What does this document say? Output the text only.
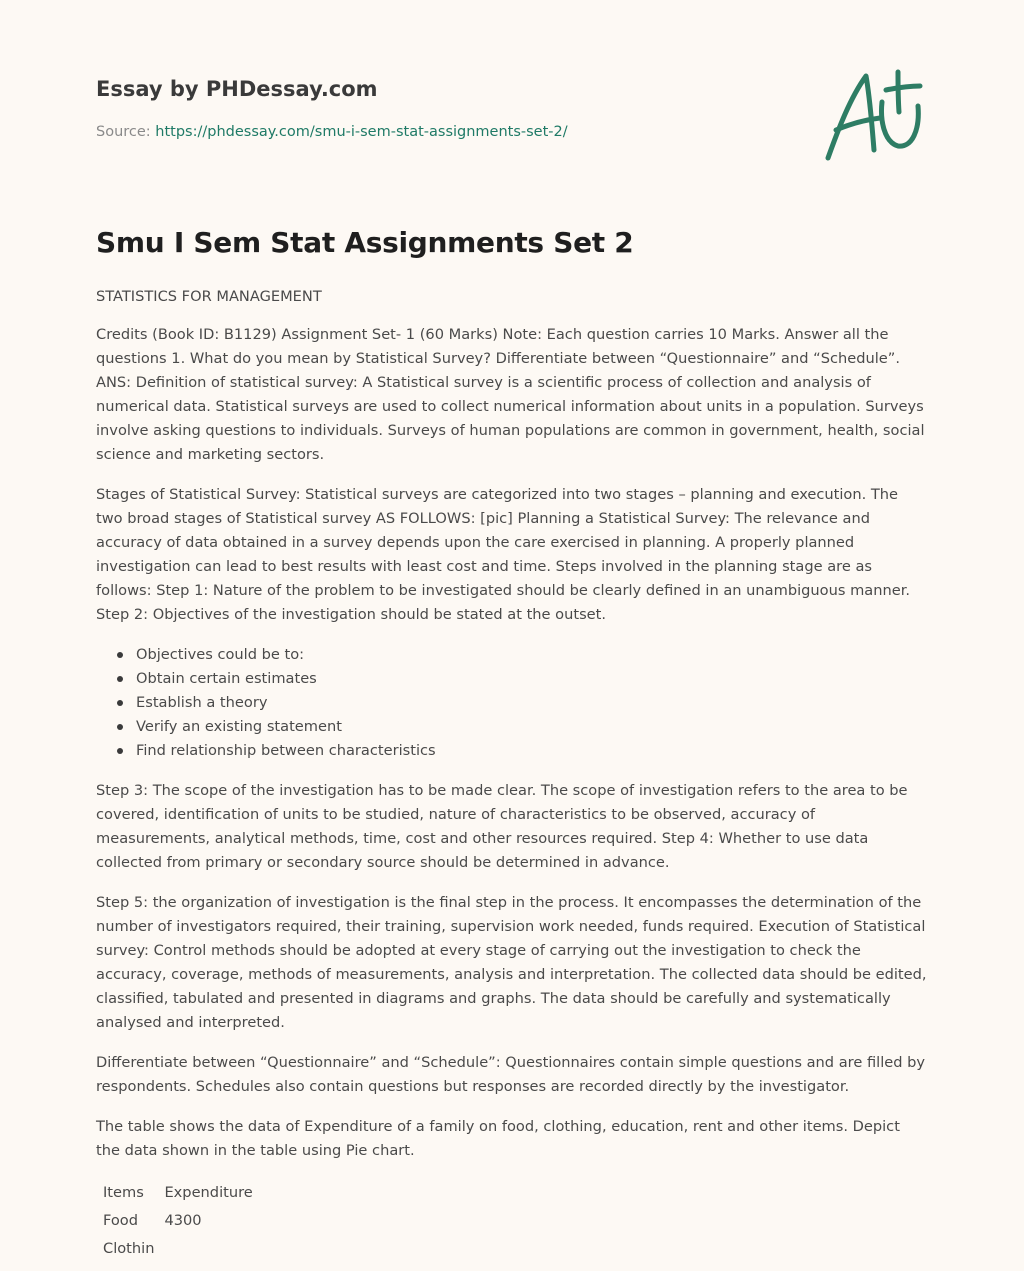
Essay by PHDessay.com
Source: https://phdessay.com/smu-i-sem-stat-assignments-set-2/
Smu I Sem Stat Assignments Set 2

STATISTICS FOR MANAGEMENT

Credits (Book ID: B1129) Assignment Set- 1 (60 Marks) Note: Each question carries 10 Marks. Answer all the questions 1. What do you mean by Statistical Survey? Differentiate between “Questionnaire” and “Schedule”. ANS: Definition of statistical survey: A Statistical survey is a scientific process of collection and analysis of numerical data. Statistical surveys are used to collect numerical information about units in a population. Surveys involve asking questions to individuals. Surveys of human populations are common in government, health, social science and marketing sectors.

Stages of Statistical Survey: Statistical surveys are categorized into two stages – planning and execution. The two broad stages of Statistical survey AS FOLLOWS: [pic] Planning a Statistical Survey: The relevance and accuracy of data obtained in a survey depends upon the care exercised in planning. A properly planned investigation can lead to best results with least cost and time. Steps involved in the planning stage are as follows: Step 1: Nature of the problem to be investigated should be clearly defined in an unambiguous manner. Step 2: Objectives of the investigation should be stated at the outset.

Objectives could be to:
Obtain certain estimates
Establish a theory
Verify an existing statement
Find relationship between characteristics

Step 3: The scope of the investigation has to be made clear. The scope of investigation refers to the area to be covered, identification of units to be studied, nature of characteristics to be observed, accuracy of measurements, analytical methods, time, cost and other resources required. Step 4: Whether to use data collected from primary or secondary source should be determined in advance.

Step 5: the organization of investigation is the final step in the process. It encompasses the determination of the number of investigators required, their training, supervision work needed, funds required. Execution of Statistical survey: Control methods should be adopted at every stage of carrying out the investigation to check the accuracy, coverage, methods of measurements, analysis and interpretation. The collected data should be edited, classified, tabulated and presented in diagrams and graphs. The data should be carefully and systematically analysed and interpreted.

Differentiate between “Questionnaire” and “Schedule”: Questionnaires contain simple questions and are filled by respondents. Schedules also contain questions but responses are recorded directly by the investigator.

The table shows the data of Expenditure of a family on food, clothing, education, rent and other items. Depict the data shown in the table using Pie chart.

Items	Expenditure
Food	4300
Clothin	
